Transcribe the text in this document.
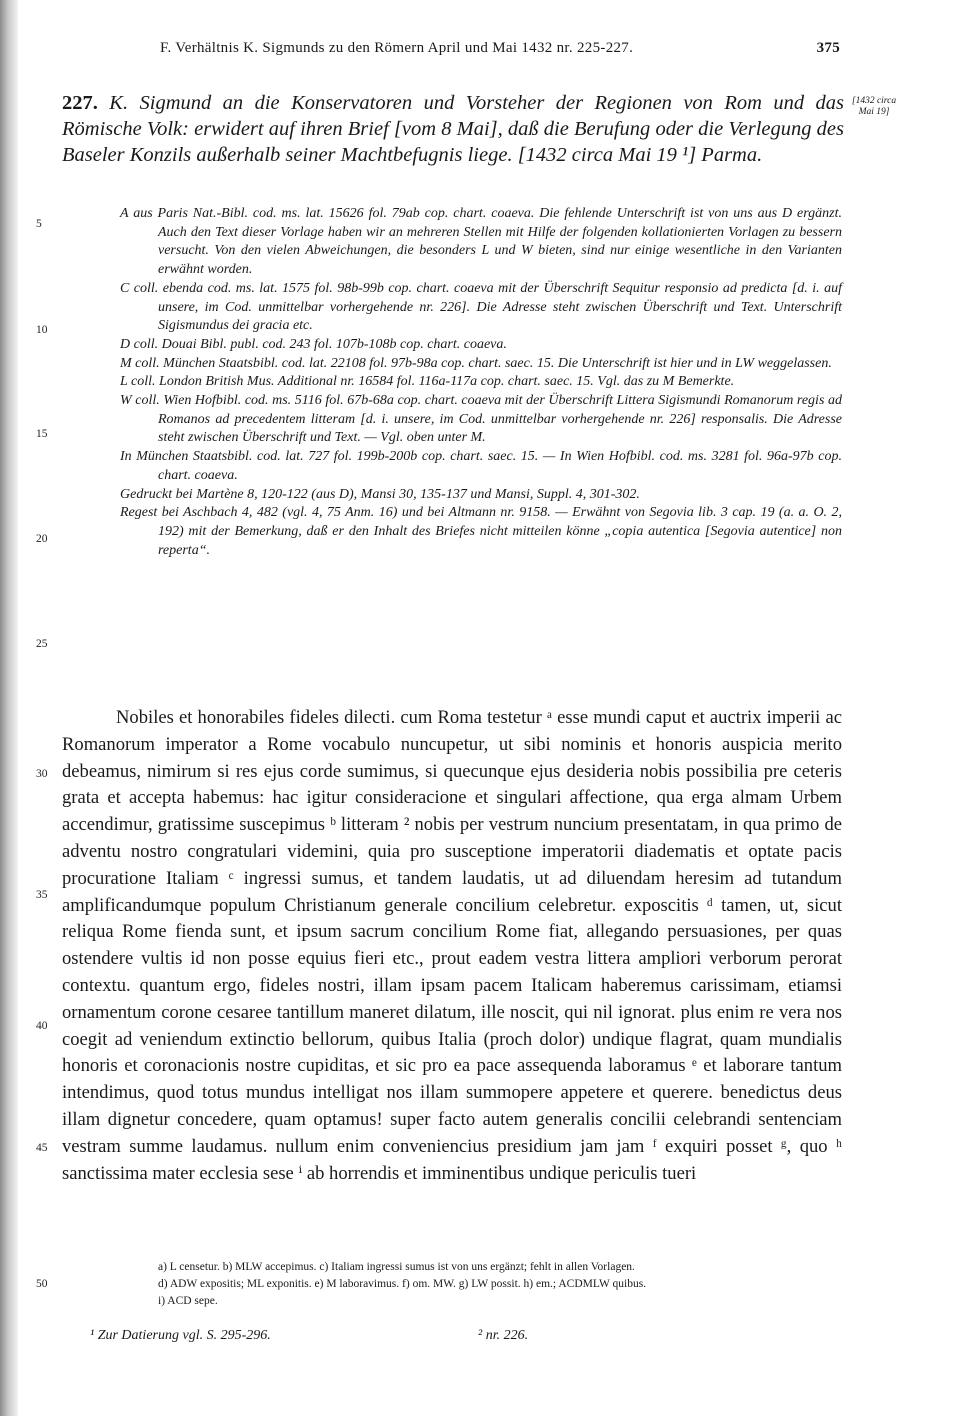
F. Verhältnis K. Sigmunds zu den Römern April und Mai 1432 nr. 225-227.	375
227. K. Sigmund an die Konservatoren und Vorsteher der Regionen von Rom und das Römische Volk: erwidert auf ihren Brief [vom 8 Mai], daß die Berufung oder die Verlegung des Baseler Konzils außerhalb seiner Machtbefugnis liege. [1432 circa Mai 19 ¹] Parma.
[1432 circa Mai 19]
5
10
15
20
25
30
35
40
45
50

A aus Paris Nat.-Bibl. cod. ms. lat. 15626 fol. 79ab cop. chart. coaeva. Die fehlende Unterschrift ist von uns aus D ergänzt. Auch den Text dieser Vorlage haben wir an mehreren Stellen mit Hilfe der folgenden kollationierten Vorlagen zu bessern versucht. Von den vielen Abweichungen, die besonders L und W bieten, sind nur einige wesentliche in den Varianten erwähnt worden.

C coll. ebenda cod. ms. lat. 1575 fol. 98b-99b cop. chart. coaeva mit der Überschrift Sequitur responsio ad predicta [d. i. auf unsere, im Cod. unmittelbar vorhergehende nr. 226]. Die Adresse steht zwischen Überschrift und Text. Unterschrift Sigismundus dei gracia etc.

D coll. Douai Bibl. publ. cod. 243 fol. 107b-108b cop. chart. coaeva.

M coll. München Staatsbibl. cod. lat. 22108 fol. 97b-98a cop. chart. saec. 15. Die Unterschrift ist hier und in LW weggelassen.

L coll. London British Mus. Additional nr. 16584 fol. 116a-117a cop. chart. saec. 15. Vgl. das zu M Bemerkte.

W coll. Wien Hofbibl. cod. ms. 5116 fol. 67b-68a cop. chart. coaeva mit der Überschrift Littera Sigismundi Romanorum regis ad Romanos ad precedentem litteram [d. i. unsere, im Cod. unmittelbar vorhergehende nr. 226] responsalis. Die Adresse steht zwischen Überschrift und Text. — Vgl. oben unter M.

In München Staatsbibl. cod. lat. 727 fol. 199b-200b cop. chart. saec. 15. — In Wien Hofbibl. cod. ms. 3281 fol. 96a-97b cop. chart. coaeva.

Gedruckt bei Martène 8, 120-122 (aus D), Mansi 30, 135-137 und Mansi, Suppl. 4, 301-302.

Regest bei Aschbach 4, 482 (vgl. 4, 75 Anm. 16) und bei Altmann nr. 9158. — Erwähnt von Segovia lib. 3 cap. 19 (a. a. O. 2, 192) mit der Bemerkung, daß er den Inhalt des Briefes nicht mitteilen könne „copia autentica [Segovia autentice] non reperta“.

Nobiles et honorabiles fideles dilecti. cum Roma testetur ᵃ esse mundi caput et auctrix imperii ac Romanorum imperator a Rome vocabulo nuncupetur, ut sibi nominis et honoris auspicia merito debeamus, nimirum si res ejus corde sumimus, si quecunque ejus desideria nobis possibilia pre ceteris grata et accepta habemus: hac igitur consideracione et singulari affectione, qua erga almam Urbem accendimur, gratissime suscepimus ᵇ litteram ² nobis per vestrum nuncium presentatam, in qua primo de adventu nostro congratulari videmini, quia pro susceptione imperatorii diadematis et optate pacis procuratione Italiam ᶜ ingressi sumus, et tandem laudatis, ut ad diluendam heresim ad tutandum amplificandumque populum Christianum generale concilium celebretur. exposcitis ᵈ tamen, ut, sicut reliqua Rome fienda sunt, et ipsum sacrum concilium Rome fiat, allegando persuasiones, per quas ostendere vultis id non posse equius fieri etc., prout eadem vestra littera ampliori verborum perorat contextu. quantum ergo, fideles nostri, illam ipsam pacem Italicam haberemus carissimam, etiamsi ornamentum corone cesaree tantillum maneret dilatum, ille noscit, qui nil ignorat. plus enim re vera nos coegit ad veniendum extinctio bellorum, quibus Italia (proch dolor) undique flagrat, quam mundialis honoris et coronacionis nostre cupiditas, et sic pro ea pace assequenda laboramus ᵉ et laborare tantum intendimus, quod totus mundus intelligat nos illam summopere appetere et querere. benedictus deus illam dignetur concedere, quam optamus! super facto autem generalis concilii celebrandi sentenciam vestram summe laudamus. nullum enim conveniencius presidium jam jam ᶠ exquiri posset ᵍ, quo ʰ sanctissima mater ecclesia sese ⁱ ab horrendis et imminentibus undique periculis tueri

a) L censetur. b) MLW accepimus. c) Italiam ingressi sumus ist von uns ergänzt; fehlt in allen Vorlagen.

d) ADW expositis; ML exponitis. e) M laboravimus. f) om. MW. g) LW possit. h) em.; ACDMLW quibus.

i) ACD sepe.

¹ Zur Datierung vgl. S. 295-296.	² nr. 226.
